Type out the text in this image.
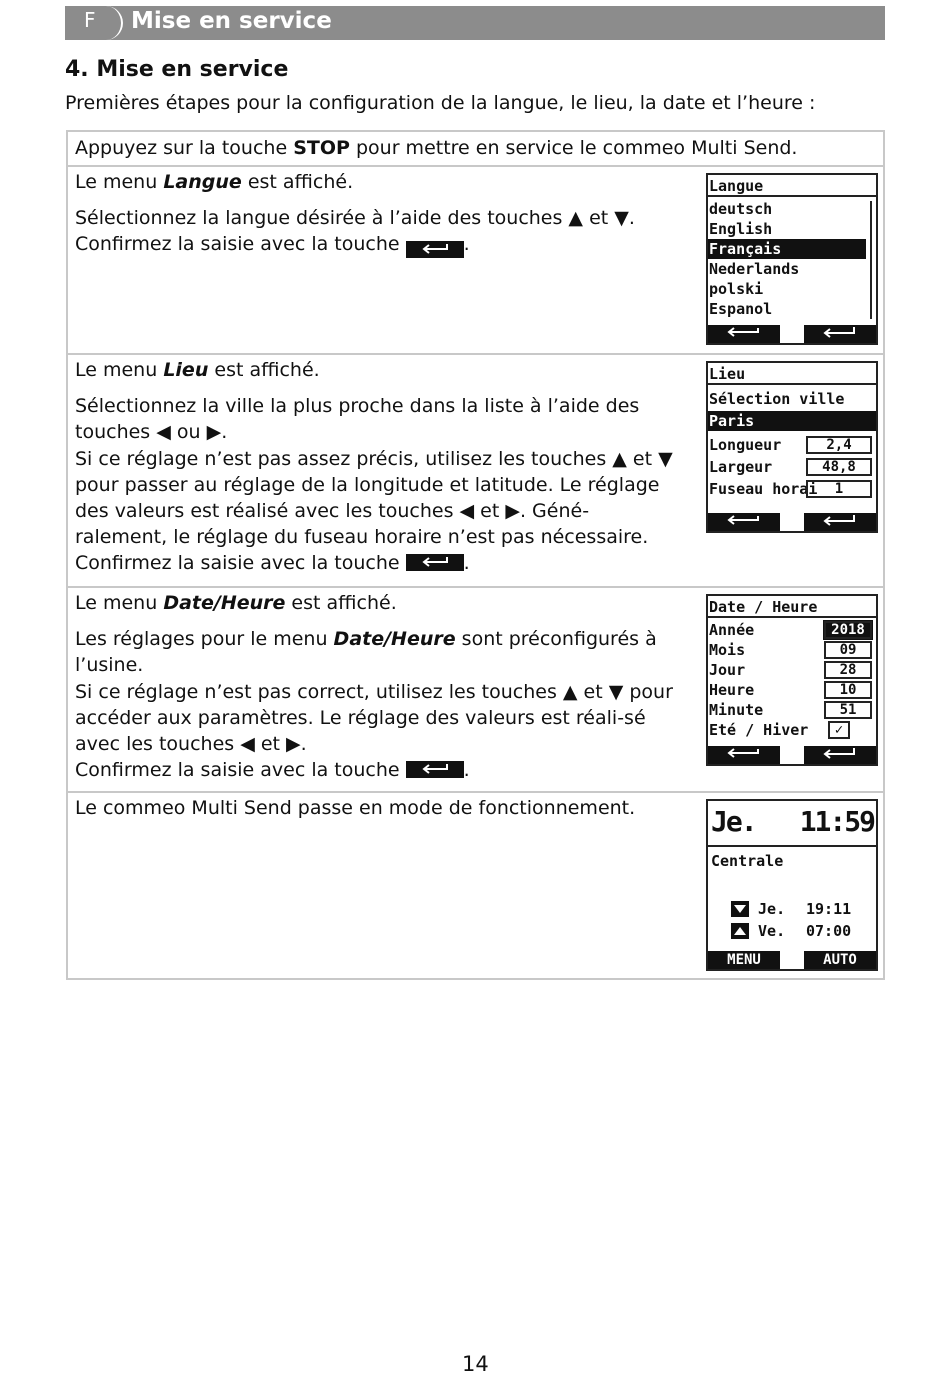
F Mise en service
4. Mise en service
Premières étapes pour la configuration de la langue, le lieu, la date et l’heure :
Appuyez sur la touche STOP pour mettre en service le commeo Multi Send.

Le menu Langue est affiché.

Sélectionnez la langue désirée à l’aide des touches ▲ et ▼.

Confirmez la saisie avec la touche	.

Langue
deutsch
English
Français
Nederlands
polski
Espanol

Le menu Lieu est affiché.

Sélectionnez la ville la plus proche dans la liste à l’aide des touches ◀ ou ▶.

Si ce réglage n’est pas assez précis, utilisez les touches ▲ et ▼ pour passer au réglage de la longitude et latitude. Le réglage des valeurs est réalisé avec les touches ◀ et ▶. Géné-ralement, le réglage du fuseau horaire n’est pas nécessaire.

Confirmez la saisie avec la touche	.

Lieu
Sélection ville
Paris
Longueur	2,4
Largeur	48,8
Fuseau horai	1

Le menu Date/Heure est affiché.

Les réglages pour le menu Date/Heure sont préconfigurés à l’usine.

Si ce réglage n’est pas correct, utilisez les touches ▲ et ▼ pour accéder aux paramètres. Le réglage des valeurs est réali-sé avec les touches ◀ et ▶.

Confirmez la saisie avec la touche	.

Date / Heure
Année	2018
Mois	09
Jour	28
Heure	10
Minute	51
Eté / Hiver	✓
Le commeo Multi Send passe en mode de fonctionnement.	Je. 11:59
Centrale
Je. 19:11
Ve. 07:00
MENU	AUTO
14
